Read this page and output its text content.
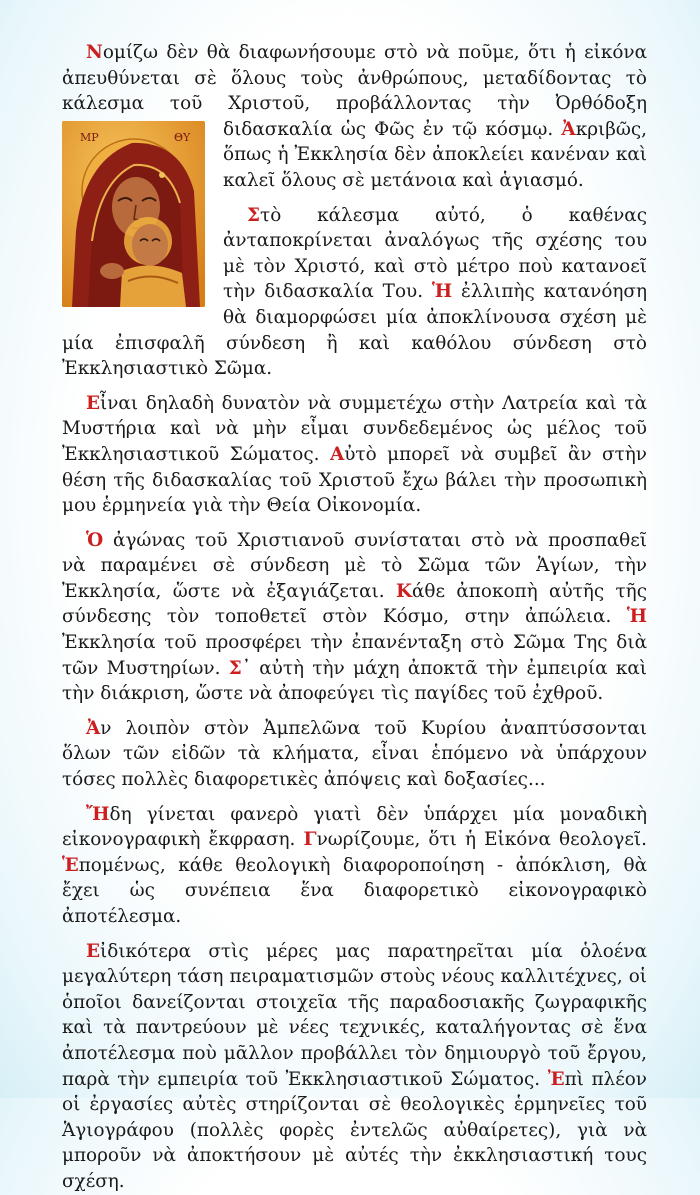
Νομίζω δὲν θὰ διαφωνήσουμε στὸ νὰ ποῦμε, ὅτι ἡ εἰκόνα ἀπευθύνεται σὲ ὅλους τοὺς ἀνθρώπους, μεταδίδοντας τὸ κάλεσμα τοῦ Χριστοῦ, προβάλλοντας τὴν Ὀρθόδοξη διδασκαλία ὡς Φῶς ἐν τῷ κόσμῳ.
ΜΡ	ΘΥ	Ἀκριβῶς, ὅπως ἡ Ἐκκλησία δὲν ἀποκλείει κανέναν καὶ καλεῖ ὅλους σὲ μετάνοια καὶ ἁγιασμό.

Στὸ κάλεσμα αὐτό, ὁ καθένας ἀνταποκρίνεται ἀναλόγως τῆς σχέσης του μὲ τὸν Χριστό, καὶ στὸ μέτρο ποὺ κατανοεῖ τὴν διδασκαλία Του. Ἡ ἐλλιπὴς κατανόηση θὰ διαμορφώσει μία ἀποκλίνουσα σχέση μὲ μία ἐπισφαλῆ σύνδεση ἢ καὶ καθόλου σύνδεση στὸ Ἐκκλησιαστικὸ Σῶμα.

Εἶναι δηλαδὴ δυνατὸν νὰ συμμετέχω στὴν Λατρεία καὶ τὰ Μυστήρια καὶ νὰ μὴν εἶμαι συνδεδεμένος ὡς μέλος τοῦ Ἐκκλησιαστικοῦ Σώματος. Αὐτὸ μπορεῖ νὰ συμβεῖ ἂν στὴν θέση τῆς διδασκαλίας τοῦ Χριστοῦ ἔχω βάλει τὴν προσωπικὴ μου ἑρμηνεία γιὰ τὴν Θεία Οἰκονομία.

Ὁ ἀγώνας τοῦ Χριστιανοῦ συνίσταται στὸ νὰ προσπαθεῖ νὰ παραμένει σὲ σύνδεση μὲ τὸ Σῶμα τῶν Ἁγίων, τὴν Ἐκκλησία, ὥστε νὰ ἐξαγιάζεται. Κάθε ἀποκοπὴ αὐτῆς τῆς σύνδεσης τὸν τοποθετεῖ στὸν Κόσμο, στην ἀπώλεια. Ἡ Ἐκκλησία τοῦ προσφέρει τὴν ἐπανένταξη στὸ Σῶμα Της διὰ τῶν Μυστηρίων. Σ᾽ αὐτὴ τὴν μάχη ἀποκτᾶ τὴν ἐμπειρία καὶ τὴν διάκριση, ὥστε νὰ ἀποφεύγει τὶς παγίδες τοῦ ἐχθροῦ.

Ἀν λοιπὸν στὸν Ἀμπελῶνα τοῦ Κυρίου ἀναπτύσσονται ὅλων τῶν εἰδῶν τὰ κλήματα, εἶναι ἑπόμενο νὰ ὑπάρχουν τόσες πολλὲς διαφορετικὲς ἀπόψεις καὶ δοξασίες...

Ἤδη γίνεται φανερὸ γιατὶ δὲν ὑπάρχει μία μοναδικὴ εἰκονογραφικὴ ἔκφραση. Γνωρίζουμε, ὅτι ἡ Εἰκόνα θεολογεῖ. Ἑπομένως, κάθε θεολογικὴ διαφοροποίηση - ἀπόκλιση, θὰ ἔχει ὡς συνέπεια ἕνα διαφορετικὸ εἰκονογραφικὸ ἀποτέλεσμα.

Εἰδικότερα στὶς μέρες μας παρατηρεῖται μία ὁλοένα μεγαλύτερη τάση πειραματισμῶν στοὺς νέους καλλιτέχνες, οἱ ὁποῖοι δανείζονται στοιχεῖα τῆς παραδοσιακῆς ζωγραφικῆς καὶ τὰ παντρεύουν μὲ νέες τεχνικές, καταλήγοντας σὲ ἕνα ἀποτέλεσμα ποὺ μᾶλλον προβάλλει τὸν δημιουργὸ τοῦ ἔργου, παρὰ τὴν εμπειρία τοῦ Ἐκκλησιαστικοῦ Σώματος. Ἐπὶ πλέον οἱ ἐργασίες αὐτὲς στηρίζονται σὲ θεολογικὲς ἑρμηνεῖες τοῦ Ἁγιογράφου (πολλὲς φορὲς ἐντελῶς αὐθαίρετες), γιὰ νὰ μποροῦν νὰ ἀποκτήσουν μὲ αὐτές τὴν ἐκκλησιαστική τους σχέση.
